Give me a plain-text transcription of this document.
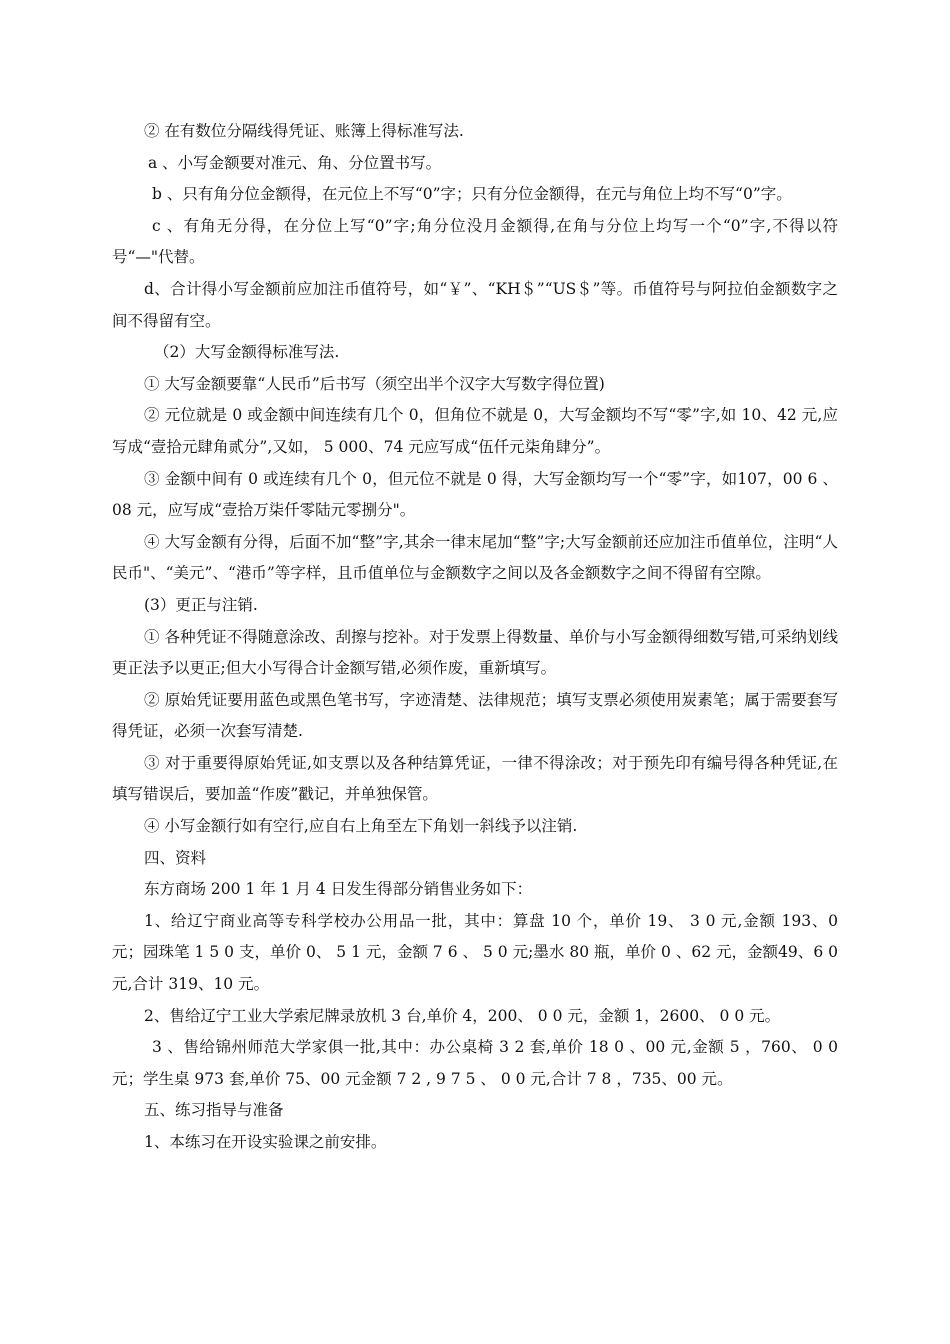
② 在有数位分隔线得凭证、账簿上得标准写法.

a 、小写金额要对准元、角、分位置书写。

b 、只有角分位金额得，在元位上不写“0”字；只有分位金额得，在元与角位上均不写“0”字。

c 、有角无分得，在分位上写“0”字;角分位没月金额得,在角与分位上均写一个“0”字,不得以符号“—"代替。

d、合计得小写金额前应加注币值符号，如“￥”、“KH＄”“US＄”等。币值符号与阿拉伯金额数字之间不得留有空。

（2）大写金额得标准写法.

① 大写金额要靠“人民币”后书写（须空出半个汉字大写数字得位置)

② 元位就是 0 或金额中间连续有几个 0，但角位不就是 0，大写金额均不写“零”字,如 10、42 元,应写成“壹拾元肆角贰分”,又如， 5 000、74 元应写成“伍仟元柒角肆分”。

③ 金额中间有 0 或连续有几个 0，但元位不就是 0 得，大写金额均写一个“零”字，如107，00 6 、08 元，应写成“壹拾万柒仟零陆元零捌分"。

④ 大写金额有分得，后面不加“整”字,其余一律末尾加“整”字;大写金额前还应加注币值单位，注明“人民币"、“美元”、“港币”等字样，且币值单位与金额数字之间以及各金额数字之间不得留有空隙。

(3）更正与注销.

① 各种凭证不得随意涂改、刮擦与挖补。对于发票上得数量、单价与小写金额得细数写错,可采纳划线更正法予以更正;但大小写得合计金额写错,必须作废，重新填写。

② 原始凭证要用蓝色或黑色笔书写，字迹清楚、法律规范；填写支票必须使用炭素笔；属于需要套写得凭证，必须一次套写清楚.

③ 对于重要得原始凭证,如支票以及各种结算凭证，一律不得涂改；对于预先印有编号得各种凭证,在填写错误后，要加盖“作废”戳记，并单独保管。

④ 小写金额行如有空行,应自右上角至左下角划一斜线予以注销.

四、资料

东方商场 200 1 年 1 月 4 日发生得部分销售业务如下：

1、给辽宁商业高等专科学校办公用品一批，其中：算盘 10 个，单价 19、 3 0 元,金额 193、0 元；园珠笔 1 5 0 支，单价 0、 5 1 元，金额 7 6 、 5 0 元;墨水 80 瓶，单价 0 、62 元，金额49、6 0 元,合计 319、10 元。

2、售给辽宁工业大学索尼牌录放机 3 台,单价 4，200、 0 0 元，金额 1，2600、 0 0 元。

3 、售给锦州师范大学家俱一批,其中：办公桌椅 3 2 套,单价 18 0 、00 元,金额 5 ，760、 0 0 元；学生桌 973 套,单价 75、00 元金额 7 2 , 9 7 5 、 0 0 元,合计 7 8 ，735、00 元。

五、练习指导与准备

1、本练习在开设实验课之前安排。
